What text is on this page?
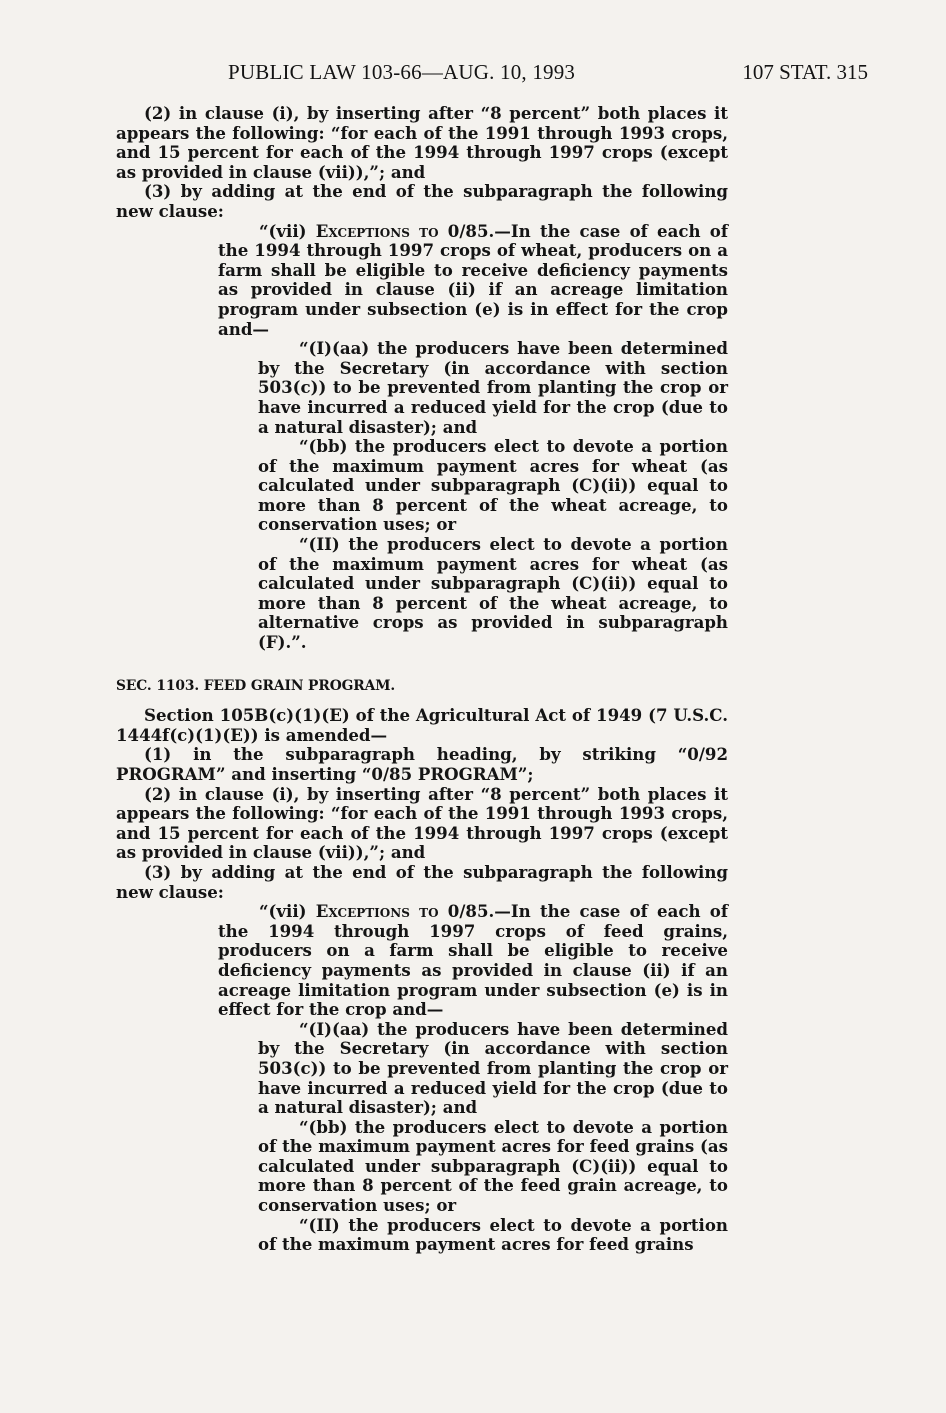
PUBLIC LAW 103-66—AUG. 10, 1993	107 STAT. 315

(2) in clause (i), by inserting after “8 percent” both places it appears the following: “for each of the 1991 through 1993 crops, and 15 percent for each of the 1994 through 1997 crops (except as provided in clause (vii)),”; and

(3) by adding at the end of the subparagraph the following new clause:

“(vii) Exceptions to 0/85.—In the case of each of the 1994 through 1997 crops of wheat, producers on a farm shall be eligible to receive deficiency payments as provided in clause (ii) if an acreage limitation program under subsection (e) is in effect for the crop and—

“(I)(aa) the producers have been determined by the Secretary (in accordance with section 503(c)) to be prevented from planting the crop or have incurred a reduced yield for the crop (due to a natural disaster); and

“(bb) the producers elect to devote a portion of the maximum payment acres for wheat (as calculated under subparagraph (C)(ii)) equal to more than 8 percent of the wheat acreage, to conservation uses; or

“(II) the producers elect to devote a portion of the maximum payment acres for wheat (as calculated under subparagraph (C)(ii)) equal to more than 8 percent of the wheat acreage, to alternative crops as provided in subparagraph (F).”.

SEC. 1103. FEED GRAIN PROGRAM.

Section 105B(c)(1)(E) of the Agricultural Act of 1949 (7 U.S.C. 1444f(c)(1)(E)) is amended—

(1) in the subparagraph heading, by striking “0/92 PROGRAM” and inserting “0/85 PROGRAM”;

(2) in clause (i), by inserting after “8 percent” both places it appears the following: “for each of the 1991 through 1993 crops, and 15 percent for each of the 1994 through 1997 crops (except as provided in clause (vii)),”; and

(3) by adding at the end of the subparagraph the following new clause:

“(vii) Exceptions to 0/85.—In the case of each of the 1994 through 1997 crops of feed grains, producers on a farm shall be eligible to receive deficiency payments as provided in clause (ii) if an acreage limitation program under subsection (e) is in effect for the crop and—

“(I)(aa) the producers have been determined by the Secretary (in accordance with section 503(c)) to be prevented from planting the crop or have incurred a reduced yield for the crop (due to a natural disaster); and

“(bb) the producers elect to devote a portion of the maximum payment acres for feed grains (as calculated under subparagraph (C)(ii)) equal to more than 8 percent of the feed grain acreage, to conservation uses; or

“(II) the producers elect to devote a portion of the maximum payment acres for feed grains
